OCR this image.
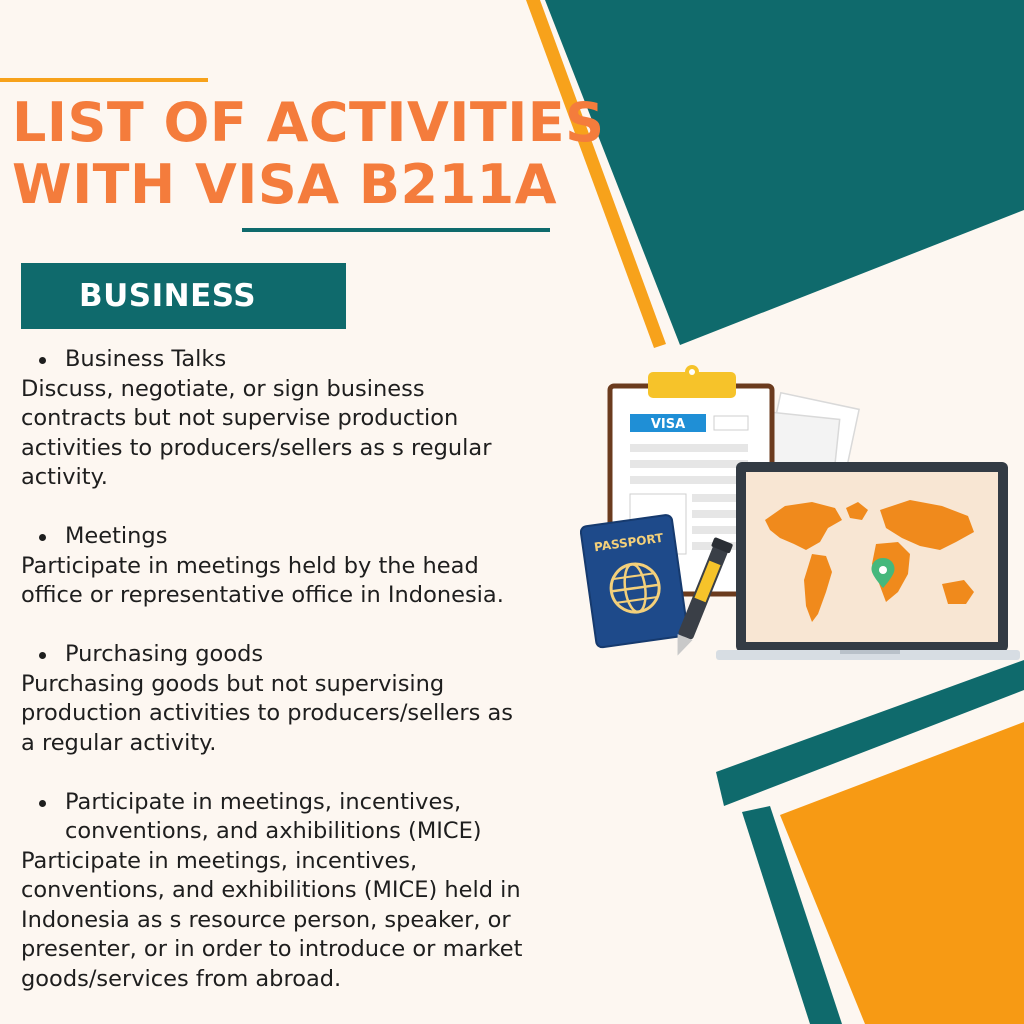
LIST OF ACTIVITIES
WITH VISA B211A
BUSINESS
Business Talks
Discuss, negotiate, or sign business
contracts but not supervise production
activities to producers/sellers as s regular
activity.
Meetings
Participate in meetings held by the head
office or representative office in Indonesia.
Purchasing goods
Purchasing goods but not supervising
production activities to producers/sellers as
a regular activity.
Participate in meetings, incentives,
conventions, and axhibilitions (MICE)
Participate in meetings, incentives,
conventions, and exhibilitions (MICE) held in
Indonesia as s resource person, speaker, or
presenter, or in order to introduce or market
goods/services from abroad.
VISA
PASSPORT
